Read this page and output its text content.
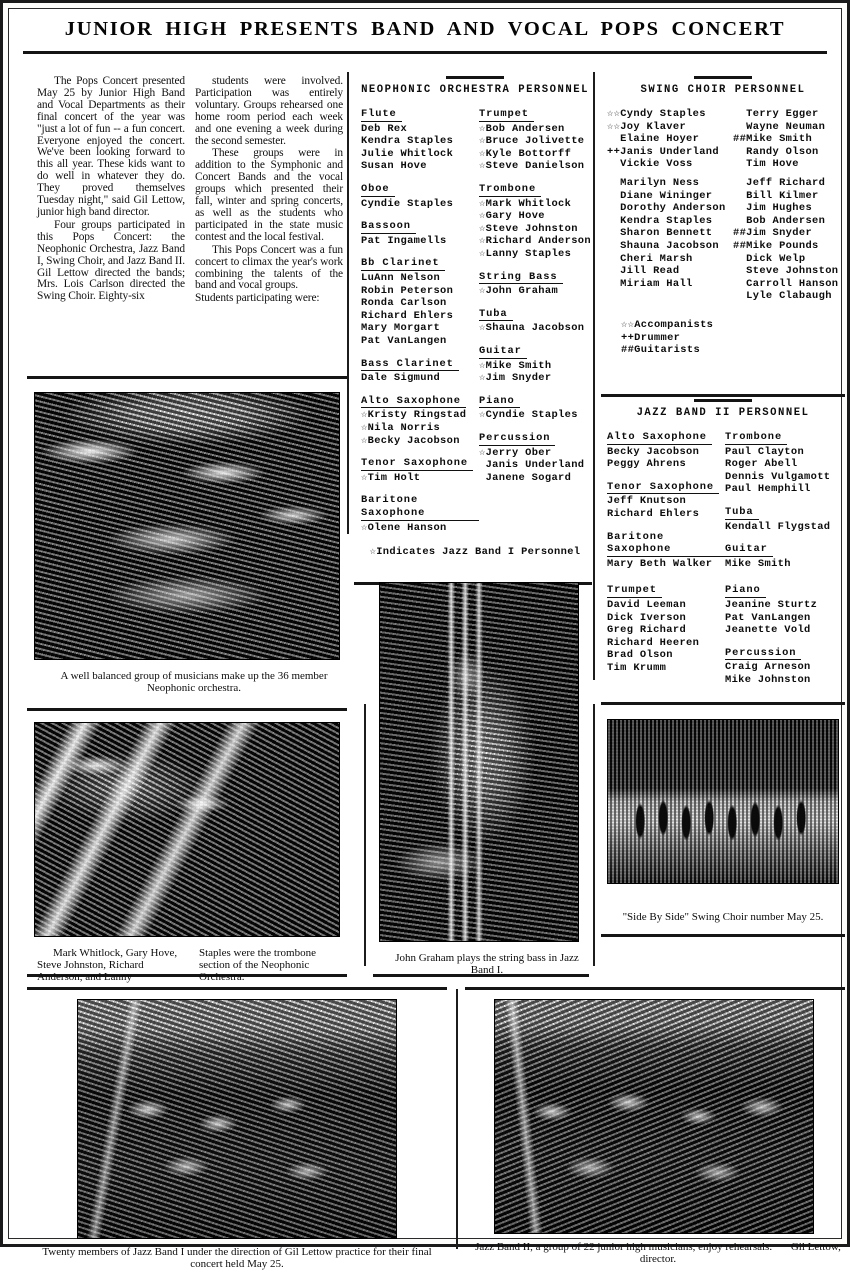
JUNIOR HIGH PRESENTS BAND AND VOCAL POPS CONCERT

The Pops Concert presented May 25 by Junior High Band and Vocal Departments as their final concert of the year was "just a lot of fun -- a fun concert. Everyone enjoyed the concert. We've been looking forward to this all year. These kids want to do well in whatever they do. They proved themselves Tuesday night," said Gil Lettow, junior high band director.

Four groups participated in this Pops Concert: the Neophonic Orchestra, Jazz Band I, Swing Choir, and Jazz Band II. Gil Lettow directed the bands; Mrs. Lois Carlson directed the Swing Choir. Eighty-six

students were involved. Participation was entirely voluntary. Groups rehearsed one home room period each week and one evening a week during the second semester.

These groups were in addition to the Symphonic and Concert Bands and the vocal groups which presented their fall, winter and spring concerts, as well as the students who participated in the state music contest and the local festival.

This Pops Concert was a fun concert to climax the year's work combining the talents of the band and vocal groups.

Students participating were:

NEOPHONIC ORCHESTRA PERSONNEL
Flute
Deb Rex
Kendra Staples
Julie Whitlock
Susan Hove
Oboe
Cyndie Staples
Bassoon
Pat Ingamells
Bb Clarinet
LuAnn Nelson
Robin Peterson
Ronda Carlson
Richard Ehlers
Mary Morgart
Pat VanLangen
Bass Clarinet
Dale Sigmund
Alto Saxophone
☆Kristy Ringstad
☆Nila Norris
☆Becky Jacobson
Tenor Saxophone
☆Tim Holt
Baritone Saxophone
☆Olene Hanson
Trumpet
☆Bob Andersen
☆Bruce Jolivette
☆Kyle Bottorff
☆Steve Danielson
Trombone
☆Mark Whitlock
☆Gary Hove
☆Steve Johnston
☆Richard Anderson
☆Lanny Staples
String Bass
☆John Graham
Tuba
☆Shauna Jacobson
Guitar
☆Mike Smith
☆Jim Snyder
Piano
☆Cyndie Staples
Percussion
☆Jerry Ober
Janis Underland
Janene Sogard
☆Indicates Jazz Band I Personnel
SWING CHOIR PERSONNEL
☆☆Cyndy Staples
☆☆Joy Klaver
Elaine Hoyer
++Janis Underland
Vickie Voss

Marilyn Ness
Diane Wininger
Dorothy Anderson
Kendra Staples
Sharon Bennett
Shauna Jacobson
Cheri Marsh
Jill Read
Miriam Hall
Terry Egger
Wayne Neuman
##Mike Smith
Randy Olson
Tim Hove

Jeff Richard
Bill Kilmer
Jim Hughes
Bob Andersen
##Jim Snyder
##Mike Pounds
Dick Welp
Steve Johnston
Carroll Hanson
Lyle Clabaugh
☆☆Accompanists
++Drummer
##Guitarists
JAZZ BAND II PERSONNEL
Alto Saxophone
Becky Jacobson
Peggy Ahrens
Tenor Saxophone
Jeff Knutson
Richard Ehlers
Baritone Saxophone
Mary Beth Walker
Trumpet
David Leeman
Dick Iverson
Greg Richard
Richard Heeren
Brad Olson
Tim Krumm
Trombone
Paul Clayton
Roger Abell
Dennis Vulgamott
Paul Hemphill
Tuba
Kendall Flygstad
Guitar
Mike Smith
Piano
Jeanine Sturtz
Pat VanLangen
Jeanette Vold
Percussion
Craig Arneson
Mike Johnston
A well balanced group of musicians make up the 36 member Neophonic orchestra.
Mark Whitlock, Gary Hove, Steve Johnston, Richard Anderson, and Lanny
Staples were the trombone section of the Neophonic Orchestra.
John Graham plays the string bass in Jazz Band I.
"Side By Side" Swing Choir number May 25.
Twenty members of Jazz Band I under the direction of Gil Lettow practice for their final concert held May 25.
Jazz Band II, a group of 22 junior high musicians, enjoy rehearsals. Gil Lettow, director.
